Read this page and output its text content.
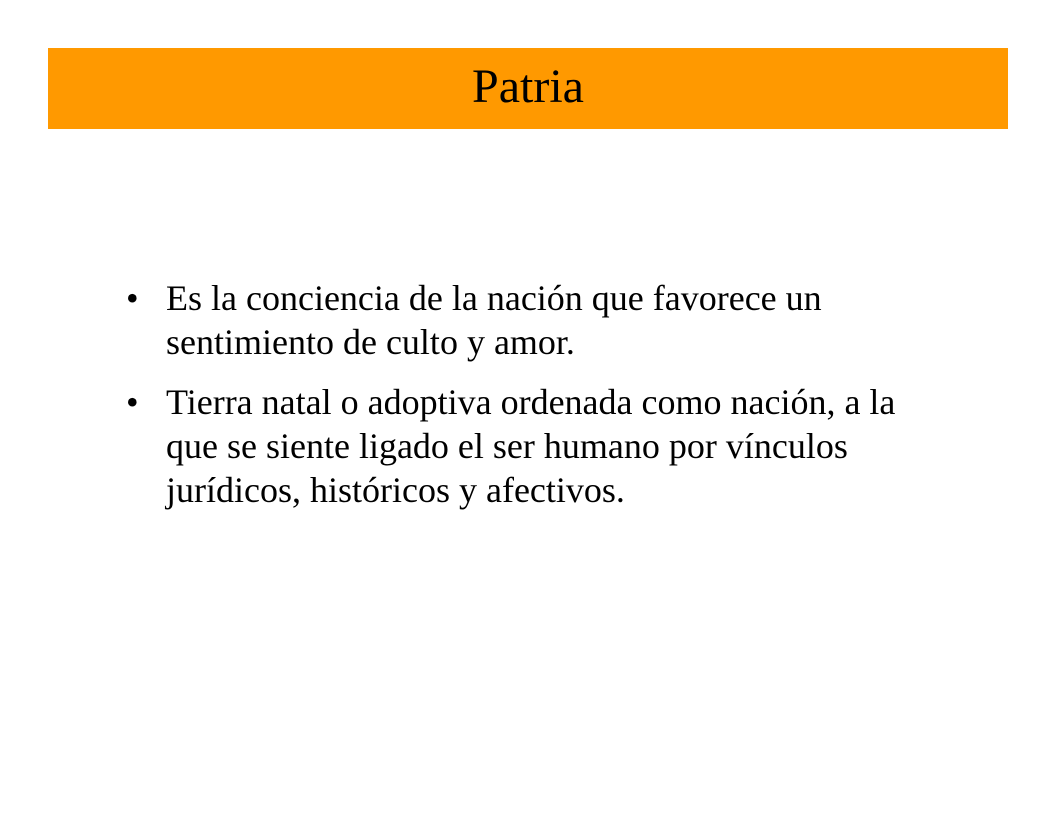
Patria
• Es la conciencia de la nación que favorece un sentimiento de culto y amor.
• Tierra natal o adoptiva ordenada como nación, a la que se siente ligado el ser humano por vínculos jurídicos, históricos y afectivos.
